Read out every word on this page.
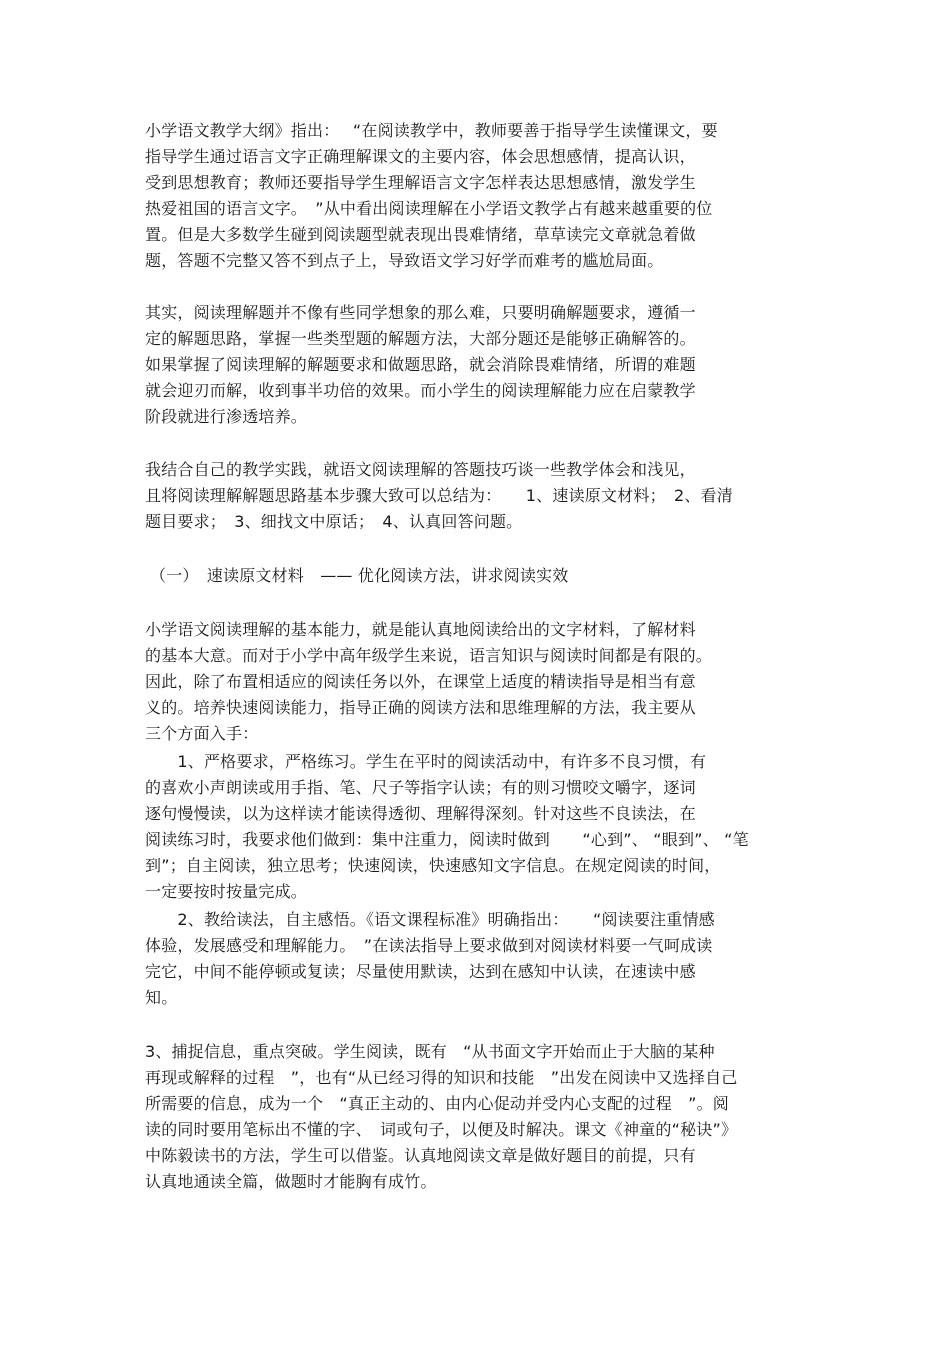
小学语文教学大纲》指出：　 “在阅读教学中，教师要善于指导学生读懂课文，要
指导学生通过语言文字正确理解课文的主要内容，体会思想感情，提高认识，
受到思想教育；教师还要指导学生理解语言文字怎样表达思想感情，激发学生
热爱祖国的语言文字。　”从中看出阅读理解在小学语文教学占有越来越重要的位
置。但是大多数学生碰到阅读题型就表现出畏难情绪，草草读完文章就急着做
题，答题不完整又答不到点子上，导致语文学习好学而难考的尴尬局面。
其实，阅读理解题并不像有些同学想象的那么难，只要明确解题要求，遵循一
定的解题思路，掌握一些类型题的解题方法，大部分题还是能够正确解答的。
如果掌握了阅读理解的解题要求和做题思路，就会消除畏难情绪，所谓的难题
就会迎刃而解，收到事半功倍的效果。而小学生的阅读理解能力应在启蒙教学
阶段就进行渗透培养。
我结合自己的教学实践，就语文阅读理解的答题技巧谈一些教学体会和浅见，
且将阅读理解解题思路基本步骤大致可以总结为：　　1、速读原文材料；　2、看清
题目要求；　3、细找文中原话；　4、认真回答问题。
（一）　速读原文材料　—— 优化阅读方法，讲求阅读实效
小学语文阅读理解的基本能力，就是能认真地阅读给出的文字材料，了解材料
的基本大意。而对于小学中高年级学生来说，语言知识与阅读时间都是有限的。
因此，除了布置相适应的阅读任务以外，在课堂上适度的精读指导是相当有意
义的。培养快速阅读能力，指导正确的阅读方法和思维理解的方法，我主要从
三个方面入手：
　　1、严格要求，严格练习。学生在平时的阅读活动中，有许多不良习惯，有
的喜欢小声朗读或用手指、笔、尺子等指字认读；有的则习惯咬文嚼字，逐词
逐句慢慢读，以为这样读才能读得透彻、理解得深刻。针对这些不良读法，在
阅读练习时，我要求他们做到：集中注重力，阅读时做到　　“心到”、 “眼到”、 “笔
到”；自主阅读，独立思考；快速阅读，快速感知文字信息。在规定阅读的时间，
一定要按时按量完成。
　　2、教给读法，自主感悟。《语文课程标准》明确指出：　　“阅读要注重情感
体验，发展感受和理解能力。　”在读法指导上要求做到对阅读材料要一气呵成读
完它，中间不能停顿或复读；尽量使用默读，达到在感知中认读，在速读中感
知。
3、捕捉信息，重点突破。学生阅读，既有　“从书面文字开始而止于大脑的某种
再现或解释的过程　”，也有“从已经习得的知识和技能　”出发在阅读中又选择自己
所需要的信息，成为一个　“真正主动的、由内心促动并受内心支配的过程　”。阅
读的同时要用笔标出不懂的字、　词或句子，以便及时解决。课文《神童的“秘诀”》
中陈毅读书的方法，学生可以借鉴。认真地阅读文章是做好题目的前提，只有
认真地通读全篇，做题时才能胸有成竹。
